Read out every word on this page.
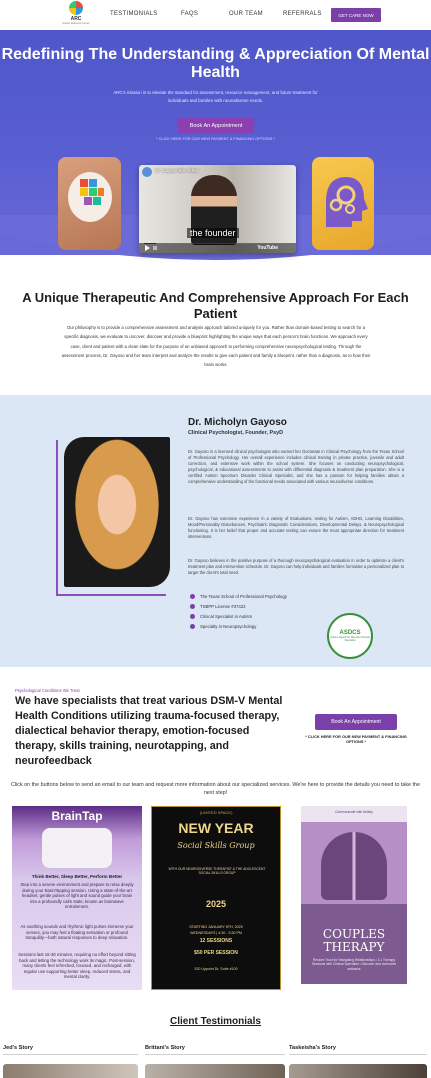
ARC
Autism Resource Center
TESTIMONIALS	FAQS	OUR TEAM	REFERRALS	GET CARE NOW
Redefining The Understanding & Appreciation Of Mental Health
ARC's mission is to elevate the standard for assessment, resource management, and future treatment for individuals and families with neurodiverse needs.
Book An Appointment
* CLICK HERE FOR OUR NEW PAYMENT & FINANCING OPTIONS *
Dr. Gayoso Bio Video
the founder
YouTube
A Unique Therapeutic And Comprehensive Approach For Each Patient

Our philosophy is to provide a comprehensive assessment and analysis approach tailored uniquely for you. Rather than domain-based testing to search for a specific diagnosis, we evaluate to uncover, discover and provide a blueprint highlighting the unique ways that each person's brain functions. We approach every case, client and patient with a clean slate for the purpose of an unbiased approach to performing comprehensive neuropsychological testing. Through the assessment process, Dr. Gayoso and her team interpret and analyze the results to give each patient and family a blueprint, rather than a diagnosis, as to how their brain works.

Dr. Micholyn Gayoso
Clinical Psychologist, Founder, PsyD

Dr. Gayoso is a licensed clinical psychologist who earned her Doctorate in Clinical Psychology from the Texas School of Professional Psychology. Her overall experience includes clinical training in private practice, juvenile and adult correction, and extensive work within the school system. She focuses on conducting neuropsychological, psychological, & educational assessments to assist with differential diagnosis & treatment plan preparation. She is a certified Autism Spectrum Disorder Clinical Specialist, and she has a passion for helping families obtain a comprehensive understanding of the functional needs associated with various neurodiverse conditions.

Dr. Gayoso has extensive experience in a variety of Evaluations, testing for Autism, ADHD, Learning Disabilities, Mood/Personality Disturbances, Psychiatric Diagnostic Considerations, Developmental Delays, & Neuropsychological functioning. It is her belief that proper and accurate testing can ensure the most appropriate direction for treatment interventions.

Dr. Gayoso believes in the positive purpose of a thorough neuropsychological evaluation in order to optimize a client's treatment plan and intervention schedule. Dr. Gayoso can help individuals and families formulate a personalized plan to target the client's total need.

The Texas School of Professional Psychology
TSBPP License #37422
Clinical Specialist in Autism
Specialty in Neuropsychology
ASDCS
Autism Spectrum Disorder Clinical Specialist
Psychological Conditions We Treat
We have specialists that treat various DSM-V Mental Health Conditions utilizing trauma-focused therapy, dialectical behavior therapy, emotion-focused therapy, skills training, neurotapping, and neurofeedback
Book An Appointment
* CLICK HERE FOR OUR NEW PAYMENT & FINANCING OPTIONS *
Click on the buttons below to send an email to our team and request more information about our specialized services. We're here to provide the details you need to take the next step!
BrainTap
Think Better, Sleep Better, Perform Better
Step into a serene environment and prepare to relax deeply during your BrainTapping session. Using a state-of-the-art headset, gentle pulses of light and sound guide your brain into a profoundly calm state, known as brainwave entrainment.
As soothing sounds and rhythmic light pulses immerse your senses, you may feel a floating sensation or profound tranquility—both natural responses to deep relaxation.
Sessions last 15-30 minutes, requiring no effort beyond sitting back and letting the technology work its magic. Post-session, many clients feel refreshed, focused, and recharged, with regular use supporting better sleep, reduced stress, and mental clarity.
(LIMITED SPACE)
NEW YEAR
Social Skills Group
WITH OUR NEURODIVERSE THERAPIST & THE ADOLESCENT SOCIAL SKILLS GROUP
2025
STARTING JANUARY 8TH, 2025
WEDNESDAYS | 4:30 - 5:30 PM
12 SESSIONS
$50 PER SESSION
320 Uppoint Dr, Suite #100
Communicate with Ashley
COUPLES THERAPY
Restore Trust for Navigating Relationships • 1:1 Therapy Sessions with Clinical Specialist • Discover and overcome setbacks
Client Testimonials
Jed's Story	Brittani's Story	Taskeisha's Story
